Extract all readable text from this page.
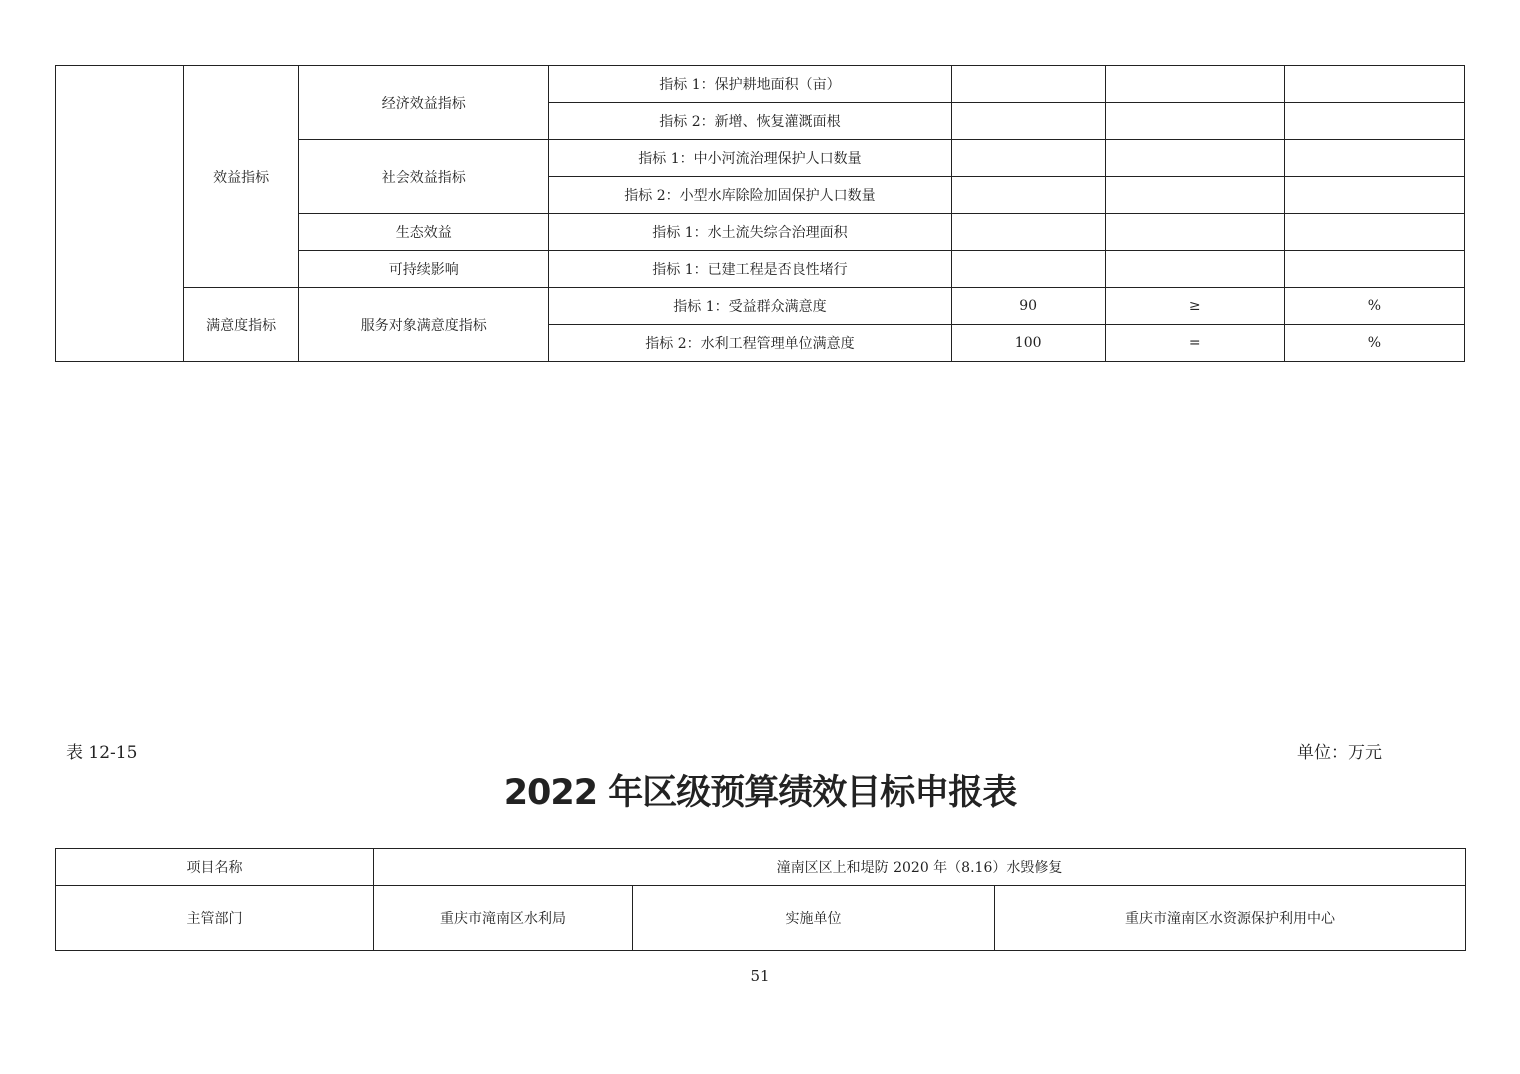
	效益指标	经济效益指标	指标 1：保护耕地面积（亩）			
			指标 2：新增、恢复灌溉面根			
		社会效益指标	指标 1：中小河流治理保护人口数量			
			指标 2：小型水库除险加固保护人口数量			
		生态效益	指标 1：水土流失综合治理面积			
		可持续影响	指标 1：已建工程是否良性堵行			
	满意度指标	服务对象满意度指标	指标 1：受益群众满意度	90	≥	%
			指标 2：水利工程管理单位满意度	100	=	%
表 12-15	单位：万元
2022 年区级预算绩效目标申报表
项目名称	潼南区区上和堤防 2020 年（8.16）水毁修复		
主管部门	重庆市滝南区水利局	实施单位	重庆市潼南区水资源保护利用中心
51
